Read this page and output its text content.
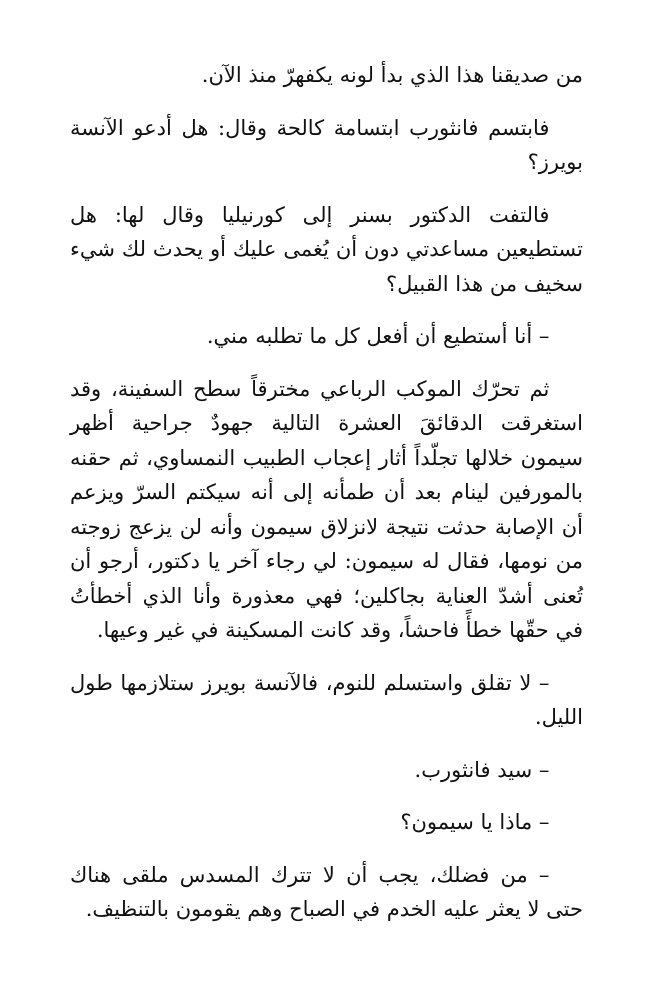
من صديقنا هذا الذي بدأ لونه يكفهرّ منذ الآن.

فابتسم فانثورب ابتسامة كالحة وقال: هل أدعو الآنسة بويرز؟

فالتفت الدكتور بسنر إلى كورنيليا وقال لها: هل تستطيعين مساعدتي دون أن يُغمى عليك أو يحدث لك شيء سخيف من هذا القبيل؟

– أنا أستطيع أن أفعل كل ما تطلبه مني.

ثم تحرّك الموكب الرباعي مخترقاً سطح السفينة، وقد استغرقت الدقائقَ العشرة التالية جهودٌ جراحية أظهر سيمون خلالها تجلّداً أثار إعجاب الطبيب النمساوي، ثم حقنه بالمورفين لينام بعد أن طمأنه إلى أنه سيكتم السرّ ويزعم أن الإصابة حدثت نتيجة لانزلاق سيمون وأنه لن يزعج زوجته من نومها، فقال له سيمون: لي رجاء آخر يا دكتور، أرجو أن تُعنى أشدّ العناية بجاكلين؛ فهي معذورة وأنا الذي أخطأتُ في حقّها خطأً فاحشاً، وقد كانت المسكينة في غير وعيها.

– لا تقلق واستسلم للنوم، فالآنسة بويرز ستلازمها طول الليل.

– سيد فانثورب.

– ماذا يا سيمون؟

– من فضلك، يجب أن لا تترك المسدس ملقى هناك حتى لا يعثر عليه الخدم في الصباح وهم يقومون بالتنظيف.
